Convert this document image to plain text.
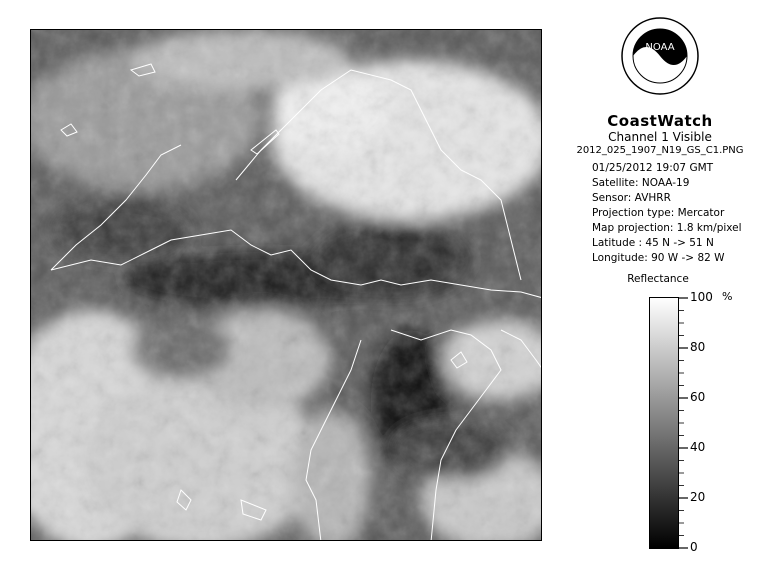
NOAA
CoastWatch
Channel 1 Visible
2012_025_1907_N19_GS_C1.PNG
01/25/2012 19:07 GMT
Satellite: NOAA-19
Sensor: AVHRR
Projection type: Mercator
Map projection: 1.8 km/pixel
Latitude : 45 N -> 51 N
Longitude: 90 W -> 82 W
Reflectance
%
100
80
60
40
20
0
